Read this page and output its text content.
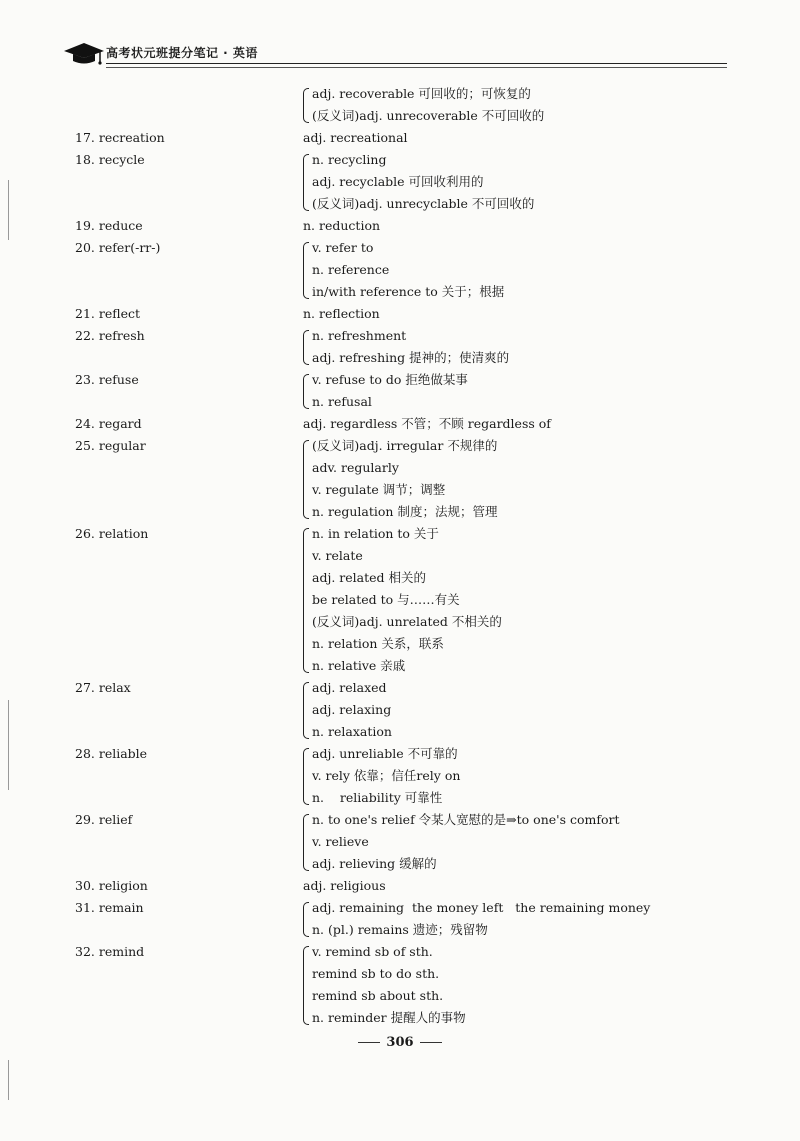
高考状元班提分笔记 · 英语
adj. recoverable 可回收的；可恢复的
(反义词)adj. unrecoverable 不可回收的
17. recreation	adj. recreational
18. recycle	n. recycling
adj. recyclable 可回收利用的
(反义词)adj. unrecyclable 不可回收的
19. reduce	n. reduction
20. refer(-rr-)	v. refer to
n. reference
in/with reference to 关于；根据
21. reflect	n. reflection
22. refresh	n. refreshment
adj. refreshing 提神的；使清爽的
23. refuse	v. refuse to do 拒绝做某事
n. refusal
24. regard	adj. regardless 不管；不顾 regardless of
25. regular	(反义词)adj. irregular 不规律的
adv. regularly
v. regulate 调节；调整
n. regulation 制度；法规；管理
26. relation	n. in relation to 关于
v. relate
adj. related 相关的
be related to 与……有关
(反义词)adj. unrelated 不相关的
n. relation 关系，联系
n. relative 亲戚
27. relax	adj. relaxed
adj. relaxing
n. relaxation
28. reliable	adj. unreliable 不可靠的
v. rely 依靠；信任rely on
n.    reliability 可靠性
29. relief	n. to one's relief 令某人宽慰的是⇒to one's comfort
v. relieve
adj. relieving 缓解的
30. religion	adj. religious
31. remain	adj. remaining  the money left   the remaining money
n. (pl.) remains 遗迹；残留物
32. remind	v. remind sb of sth.
remind sb to do sth.
remind sb about sth.
n. reminder 提醒人的事物
306
